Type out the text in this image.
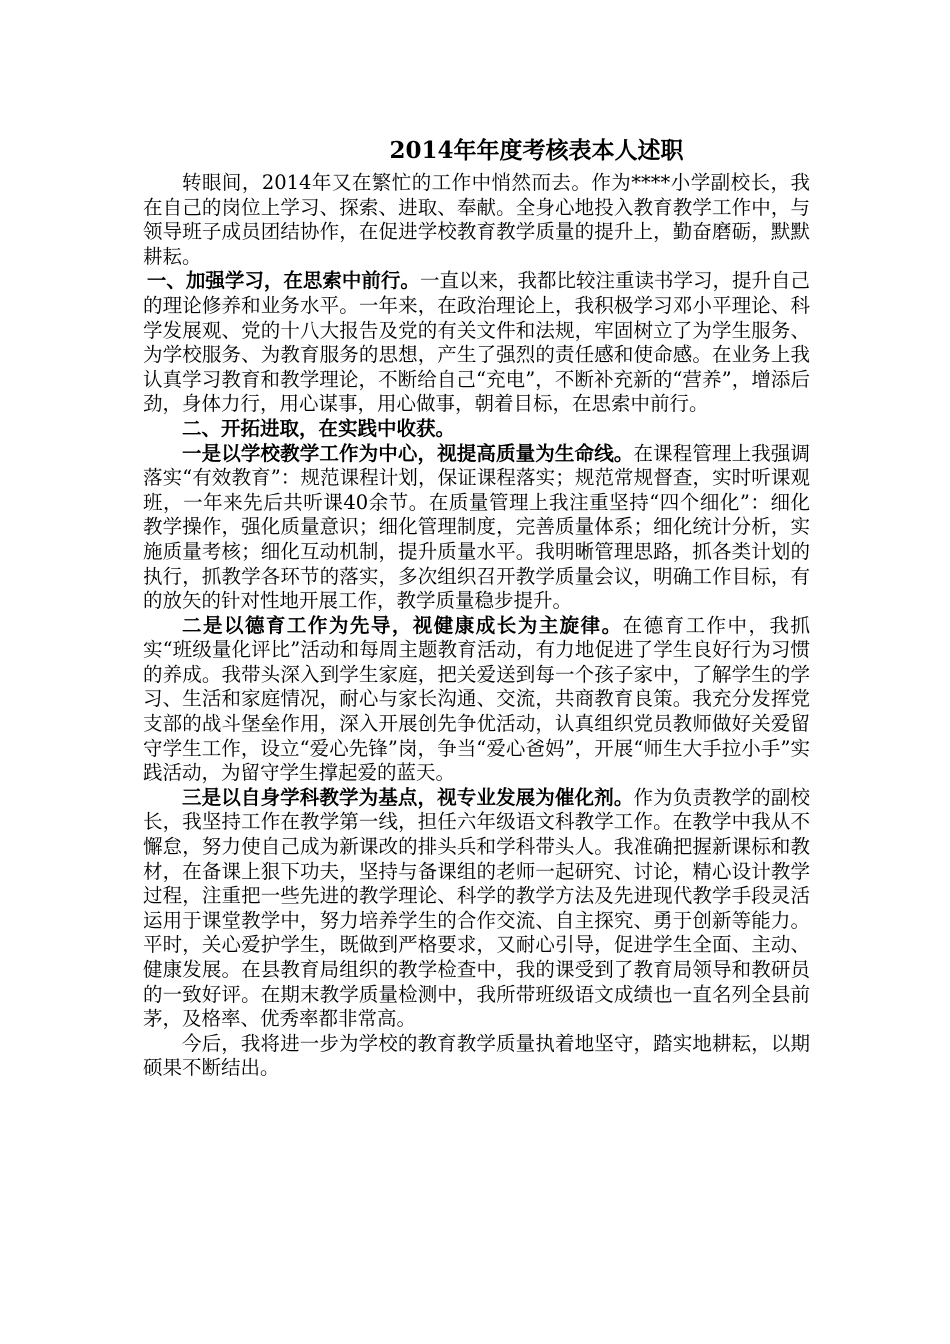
2014年年度考核表本人述职

转眼间，2014年又在繁忙的工作中悄然而去。作为****小学副校长，我在自己的岗位上学习、探索、进取、奉献。全身心地投入教育教学工作中，与领导班子成员团结协作，在促进学校教育教学质量的提升上，勤奋磨砺，默默耕耘。

一、加强学习，在思索中前行。一直以来，我都比较注重读书学习，提升自己的理论修养和业务水平。一年来，在政治理论上，我积极学习邓小平理论、科学发展观、党的十八大报告及党的有关文件和法规，牢固树立了为学生服务、为学校服务、为教育服务的思想，产生了强烈的责任感和使命感。在业务上我认真学习教育和教学理论，不断给自己“充电”，不断补充新的“营养”，增添后劲，身体力行，用心谋事，用心做事，朝着目标，在思索中前行。

二、开拓进取，在实践中收获。

一是以学校教学工作为中心，视提高质量为生命线。在课程管理上我强调落实“有效教育”：规范课程计划，保证课程落实；规范常规督查，实时听课观班，一年来先后共听课40余节。在质量管理上我注重坚持“四个细化”：细化教学操作，强化质量意识；细化管理制度，完善质量体系；细化统计分析，实施质量考核；细化互动机制，提升质量水平。我明晰管理思路，抓各类计划的执行，抓教学各环节的落实，多次组织召开教学质量会议，明确工作目标，有的放矢的针对性地开展工作，教学质量稳步提升。

二是以德育工作为先导，视健康成长为主旋律。在德育工作中，我抓实“班级量化评比”活动和每周主题教育活动，有力地促进了学生良好行为习惯的养成。我带头深入到学生家庭，把关爱送到每一个孩子家中，了解学生的学习、生活和家庭情况，耐心与家长沟通、交流，共商教育良策。我充分发挥党支部的战斗堡垒作用，深入开展创先争优活动，认真组织党员教师做好关爱留守学生工作，设立“爱心先锋”岗，争当“爱心爸妈”，开展“师生大手拉小手”实践活动，为留守学生撑起爱的蓝天。

三是以自身学科教学为基点，视专业发展为催化剂。作为负责教学的副校长，我坚持工作在教学第一线，担任六年级语文科教学工作。在教学中我从不懈怠，努力使自己成为新课改的排头兵和学科带头人。我准确把握新课标和教材，在备课上狠下功夫，坚持与备课组的老师一起研究、讨论，精心设计教学过程，注重把一些先进的教学理论、科学的教学方法及先进现代教学手段灵活运用于课堂教学中，努力培养学生的合作交流、自主探究、勇于创新等能力。平时，关心爱护学生，既做到严格要求，又耐心引导，促进学生全面、主动、健康发展。在县教育局组织的教学检查中，我的课受到了教育局领导和教研员的一致好评。在期末教学质量检测中，我所带班级语文成绩也一直名列全县前茅，及格率、优秀率都非常高。

今后，我将进一步为学校的教育教学质量执着地坚守，踏实地耕耘，以期硕果不断结出。
